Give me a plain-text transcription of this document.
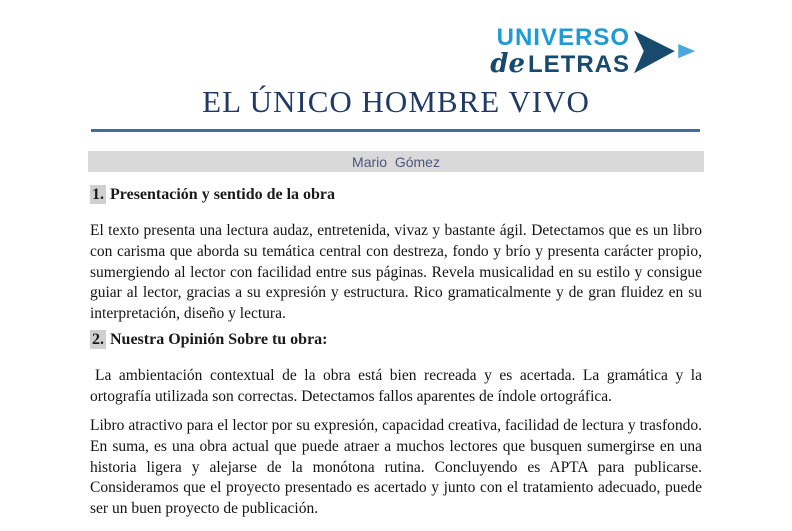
UNIVERSO
de LETRAS
EL ÚNICO HOMBRE VIVO
Mario  Gómez
1. Presentación y sentido de la obra

El texto presenta una lectura audaz, entretenida, vivaz y bastante ágil. Detectamos que es un libro con carisma que aborda su temática central con destreza, fondo y brío y presenta carácter propio, sumergiendo al lector con facilidad entre sus páginas. Revela musicalidad en su estilo y consigue guiar al lector, gracias a su expresión y estructura. Rico gramaticalmente y de gran fluidez en su interpretación, diseño y lectura.

2. Nuestra Opinión Sobre tu obra:

La ambientación contextual de la obra está bien recreada y es acertada. La gramática y la ortografía utilizada son correctas. Detectamos fallos aparentes de índole ortográfica.

Libro atractivo para el lector por su expresión, capacidad creativa, facilidad de lectura y trasfondo. En suma, es una obra actual que puede atraer a muchos lectores que busquen sumergirse en una historia ligera y alejarse de la monótona rutina. Concluyendo es APTA para publicarse. Consideramos que el proyecto presentado es acertado y junto con el tratamiento adecuado, puede ser un buen proyecto de publicación.
